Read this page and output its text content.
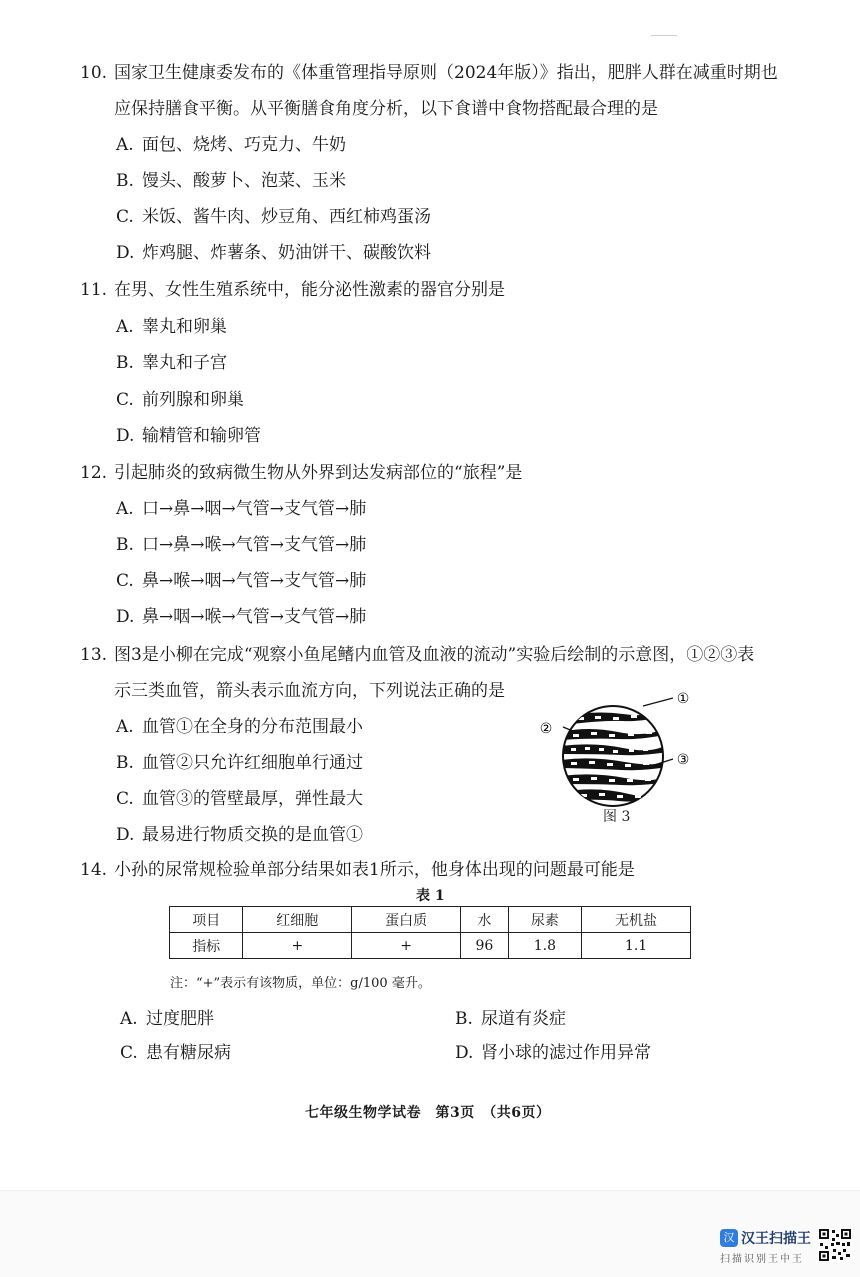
10. 国家卫生健康委发布的《体重管理指导原则（2024年版）》指出，肥胖人群在减重时期也
应保持膳食平衡。从平衡膳食角度分析，以下食谱中食物搭配最合理的是
A. 面包、烧烤、巧克力、牛奶
B. 馒头、酸萝卜、泡菜、玉米
C. 米饭、酱牛肉、炒豆角、西红柿鸡蛋汤
D. 炸鸡腿、炸薯条、奶油饼干、碳酸饮料
11. 在男、女性生殖系统中，能分泌性激素的器官分别是
A. 睾丸和卵巢
B. 睾丸和子宫
C. 前列腺和卵巢
D. 输精管和输卵管
12. 引起肺炎的致病微生物从外界到达发病部位的“旅程”是
A. 口→鼻→咽→气管→支气管→肺
B. 口→鼻→喉→气管→支气管→肺
C. 鼻→喉→咽→气管→支气管→肺
D. 鼻→咽→喉→气管→支气管→肺
13. 图3是小柳在完成“观察小鱼尾鳍内血管及血液的流动”实验后绘制的示意图，①②③表
示三类血管，箭头表示血流方向，下列说法正确的是
A. 血管①在全身的分布范围最小
B. 血管②只允许红细胞单行通过
C. 血管③的管壁最厚，弹性最大
D. 最易进行物质交换的是血管①
①
②
③
图 3
14. 小孙的尿常规检验单部分结果如表1所示，他身体出现的问题最可能是
表 1
项目	红细胞	蛋白质	水	尿素	无机盐
指标	+	+	96	1.8	1.1
注：“+”表示有该物质，单位：g/100 毫升。
A. 过度肥胖	B. 尿道有炎症
C. 患有糖尿病	D. 肾小球的滤过作用异常
七年级生物学试卷　第3页　（共6页）
汉 汉王扫描王
扫描识别王中王
